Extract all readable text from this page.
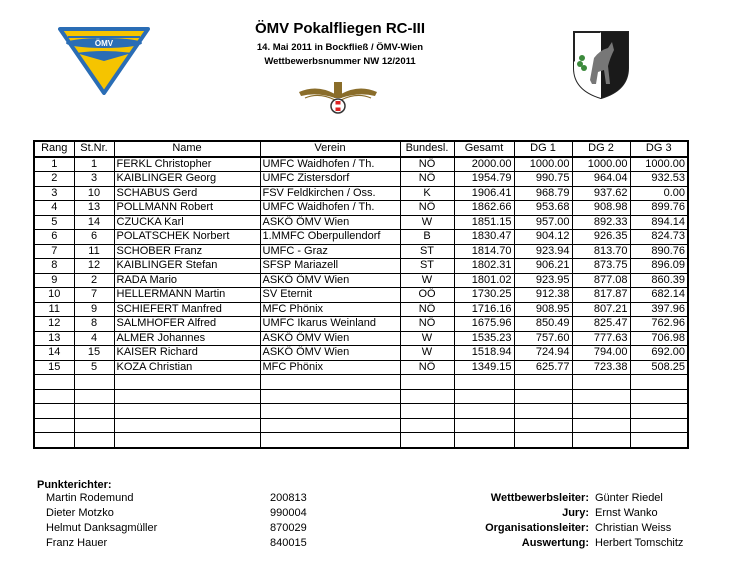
ÖMV
ÖMV Pokalfliegen RC-III
14. Mai 2011 in Bockfließ / ÖMV-Wien
Wettbewerbsnummer NW 12/2011
Rang	St.Nr.	Name	Verein	Bundesl.	Gesamt	DG 1	DG 2	DG 3
1	1	FERKL Christopher	UMFC Waidhofen / Th.	NÖ	2000.00	1000.00	1000.00	1000.00
2	3	KAIBLINGER Georg	UMFC Zistersdorf	NÖ	1954.79	990.75	964.04	932.53
3	10	SCHABUS Gerd	FSV Feldkirchen / Oss.	K	1906.41	968.79	937.62	0.00
4	13	POLLMANN Robert	UMFC Waidhofen / Th.	NÖ	1862.66	953.68	908.98	899.76
5	14	CZUCKA Karl	ASKÖ ÖMV Wien	W	1851.15	957.00	892.33	894.14
6	6	POLATSCHEK Norbert	1.MMFC Oberpullendorf	B	1830.47	904.12	926.35	824.73
7	11	SCHOBER Franz	UMFC - Graz	ST	1814.70	923.94	813.70	890.76
8	12	KAIBLINGER Stefan	SFSP Mariazell	ST	1802.31	906.21	873.75	896.09
9	2	RADA Mario	ASKÖ ÖMV Wien	W	1801.02	923.95	877.08	860.39
10	7	HELLERMANN Martin	SV Eternit	OÖ	1730.25	912.38	817.87	682.14
11	9	SCHIEFERT Manfred	MFC Phönix	NÖ	1716.16	908.95	807.21	397.96
12	8	SALMHOFER Alfred	UMFC Ikarus Weinland	NÖ	1675.96	850.49	825.47	762.96
13	4	ALMER Johannes	ASKÖ ÖMV Wien	W	1535.23	757.60	777.63	706.98
14	15	KAISER Richard	ASKÖ ÖMV Wien	W	1518.94	724.94	794.00	692.00
15	5	KOZA Christian	MFC Phönix	NÖ	1349.15	625.77	723.38	508.25

Punkterichter:
Martin Rodemund	200813
Dieter Motzko	990004
Helmut Danksagmüller	870029
Franz Hauer	840015
Wettbewerbsleiter: Günter Riedel
Jury: Ernst Wanko
Organisationsleiter: Christian Weiss
Auswertung: Herbert Tomschitz
